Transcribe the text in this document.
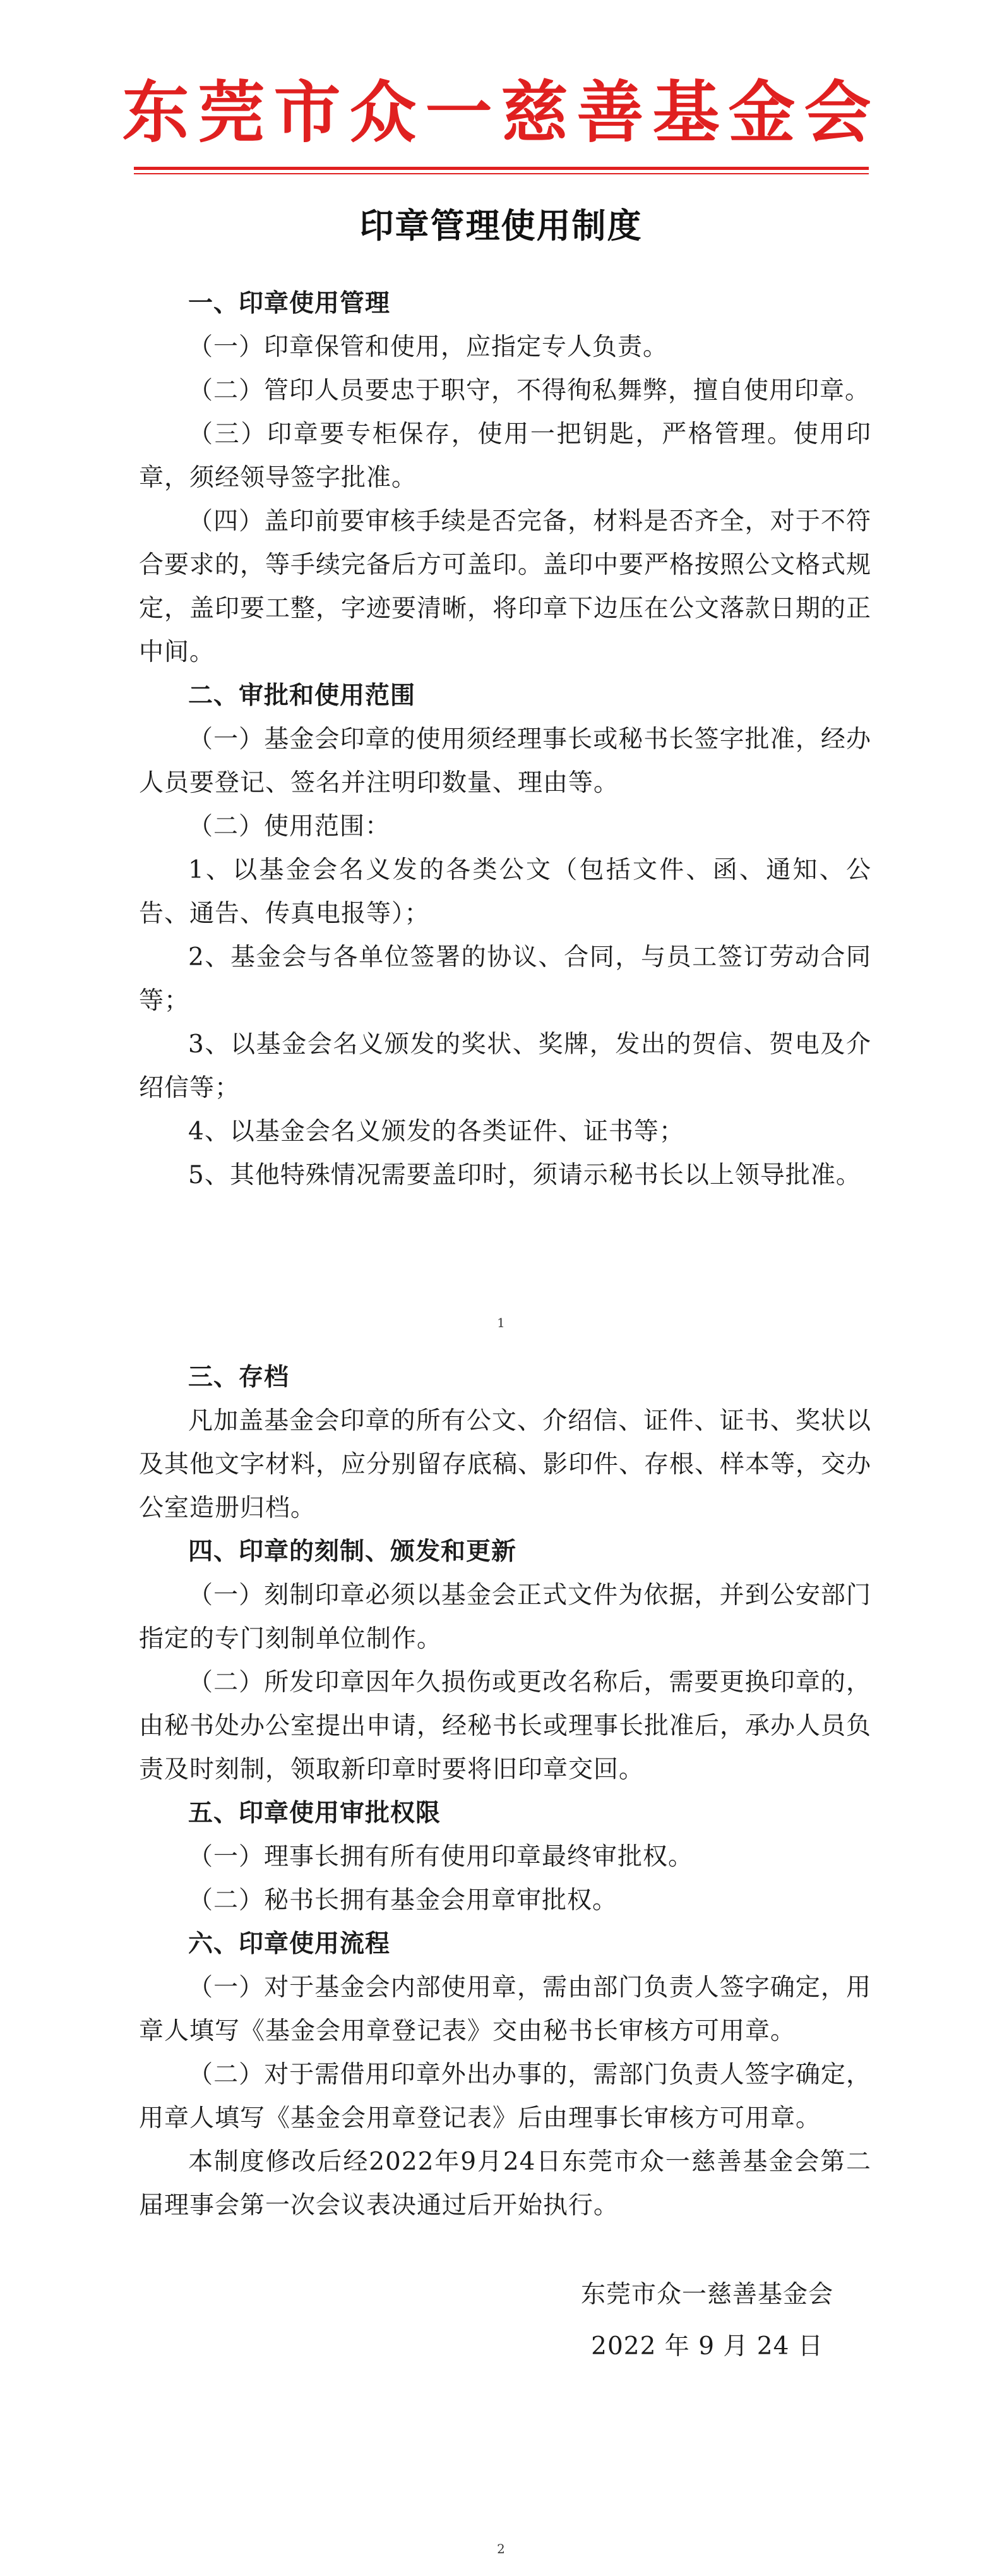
东莞市众一慈善基金会
印章管理使用制度

一、印章使用管理

（一）印章保管和使用，应指定专人负责。

（二）管印人员要忠于职守，不得徇私舞弊，擅自使用印章。

（三）印章要专柜保存，使用一把钥匙，严格管理。使用印章，须经领导签字批准。

（四）盖印前要审核手续是否完备，材料是否齐全，对于不符合要求的，等手续完备后方可盖印。盖印中要严格按照公文格式规定，盖印要工整，字迹要清晰，将印章下边压在公文落款日期的正中间。

二、审批和使用范围

（一）基金会印章的使用须经理事长或秘书长签字批准，经办人员要登记、签名并注明印数量、理由等。

（二）使用范围：

1、以基金会名义发的各类公文（包括文件、函、通知、公告、通告、传真电报等）；

2、基金会与各单位签署的协议、合同，与员工签订劳动合同等；

3、以基金会名义颁发的奖状、奖牌，发出的贺信、贺电及介绍信等；

4、以基金会名义颁发的各类证件、证书等；

5、其他特殊情况需要盖印时，须请示秘书长以上领导批准。

1

三、存档

凡加盖基金会印章的所有公文、介绍信、证件、证书、奖状以及其他文字材料，应分别留存底稿、影印件、存根、样本等，交办公室造册归档。

四、印章的刻制、颁发和更新

（一）刻制印章必须以基金会正式文件为依据，并到公安部门指定的专门刻制单位制作。

（二）所发印章因年久损伤或更改名称后，需要更换印章的，由秘书处办公室提出申请，经秘书长或理事长批准后，承办人员负责及时刻制，领取新印章时要将旧印章交回。

五、印章使用审批权限

（一）理事长拥有所有使用印章最终审批权。

（二）秘书长拥有基金会用章审批权。

六、印章使用流程

（一）对于基金会内部使用章，需由部门负责人签字确定，用章人填写《基金会用章登记表》交由秘书长审核方可用章。

（二）对于需借用印章外出办事的，需部门负责人签字确定，用章人填写《基金会用章登记表》后由理事长审核方可用章。

本制度修改后经2022年9月24日东莞市众一慈善基金会第二届理事会第一次会议表决通过后开始执行。

东莞市众一慈善基金会
2022 年 9 月 24 日
2
